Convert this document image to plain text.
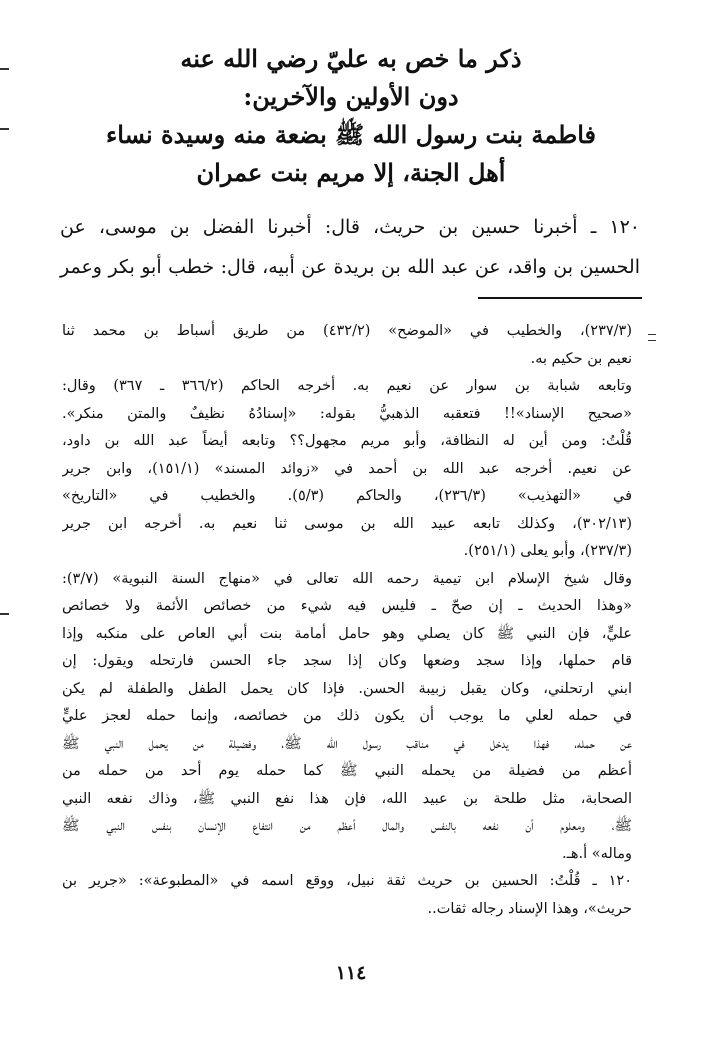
ذكر ما خص به عليّ رضي الله عنه
دون الأولين والآخرين:
فاطمة بنت رسول الله ﷺ بضعة منه وسيدة نساء
أهل الجنة، إلا مريم بنت عمران
١٢٠ ـ أخبرنا حسين بن حريث، قال: أخبرنا الفضل بن موسى، عن
الحسين بن واقد، عن عبد الله بن بريدة عن أبيه، قال: خطب أبو بكر وعمر
(٢٣٧/٣)، والخطيب في «الموضح» (٤٣٢/٢) من طريق أسباط بن محمد ثنا
نعيم بن حكيم به.
وتابعه شبابة بن سوار عن نعيم به. أخرجه الحاكم (٣٦٦/٢ ـ ٣٦٧) وقال:
«صحيح الإسناد»!! فتعقبه الذهبيُّ بقوله: «إسنادُهُ نظيفٌ والمتن منكر».
قُلْتُ: ومن أين له النظافة، وأبو مريم مجهول؟؟ وتابعه أيضاً عبد الله بن داود،
عن نعيم. أخرجه عبد الله بن أحمد في «زوائد المسند» (١٥١/١)، وابن جرير
في «التهذيب» (٢٣٦/٣)، والحاكم (٥/٣). والخطيب في «التاريخ»
(٣٠٢/١٣)، وكذلك تابعه عبيد الله بن موسى ثنا نعيم به. أخرجه ابن جرير
(٢٣٧/٣)، وأبو يعلى (٢٥١/١).
وقال شيخ الإسلام ابن تيمية رحمه الله تعالى في «منهاج السنة النبوية» (٣/٧):
«وهذا الحديث ـ إن صحّ ـ فليس فيه شيء من خصائص الأئمة ولا خصائص
عليٍّ، فإن النبي ﷺ كان يصلي وهو حامل أمامة بنت أبي العاص على منكبه وإذا
قام حملها، وإذا سجد وضعها وكان إذا سجد جاء الحسن فارتحله ويقول: إن
ابني ارتحلني، وكان يقبل زبيبة الحسن. فإذا كان يحمل الطفل والطفلة لم يكن
في حمله لعلي ما يوجب أن يكون ذلك من خصائصه، وإنما حمله لعجز عليٍّ
عن حمله، فهذا يدخل في مناقب رسول الله ﷺ، وفضيلة من يحمل النبي ﷺ
أعظم من فضيلة من يحمله النبي ﷺ كما حمله يوم أحد من حمله من
الصحابة، مثل طلحة بن عبيد الله، فإن هذا نفع النبي ﷺ، وذاك نفعه النبي
ﷺ، ومعلوم أن نفعه بالنفس والمال أعظم من انتفاع الإنسان بنفس النبي ﷺ
وماله» أ.هـ.
١٢٠ ـ قُلْتُ: الحسين بن حريث ثقة نبيل، ووقع اسمه في «المطبوعة»: «جرير بن
حريث»، وهذا الإسناد رجاله ثقات..
١١٤
